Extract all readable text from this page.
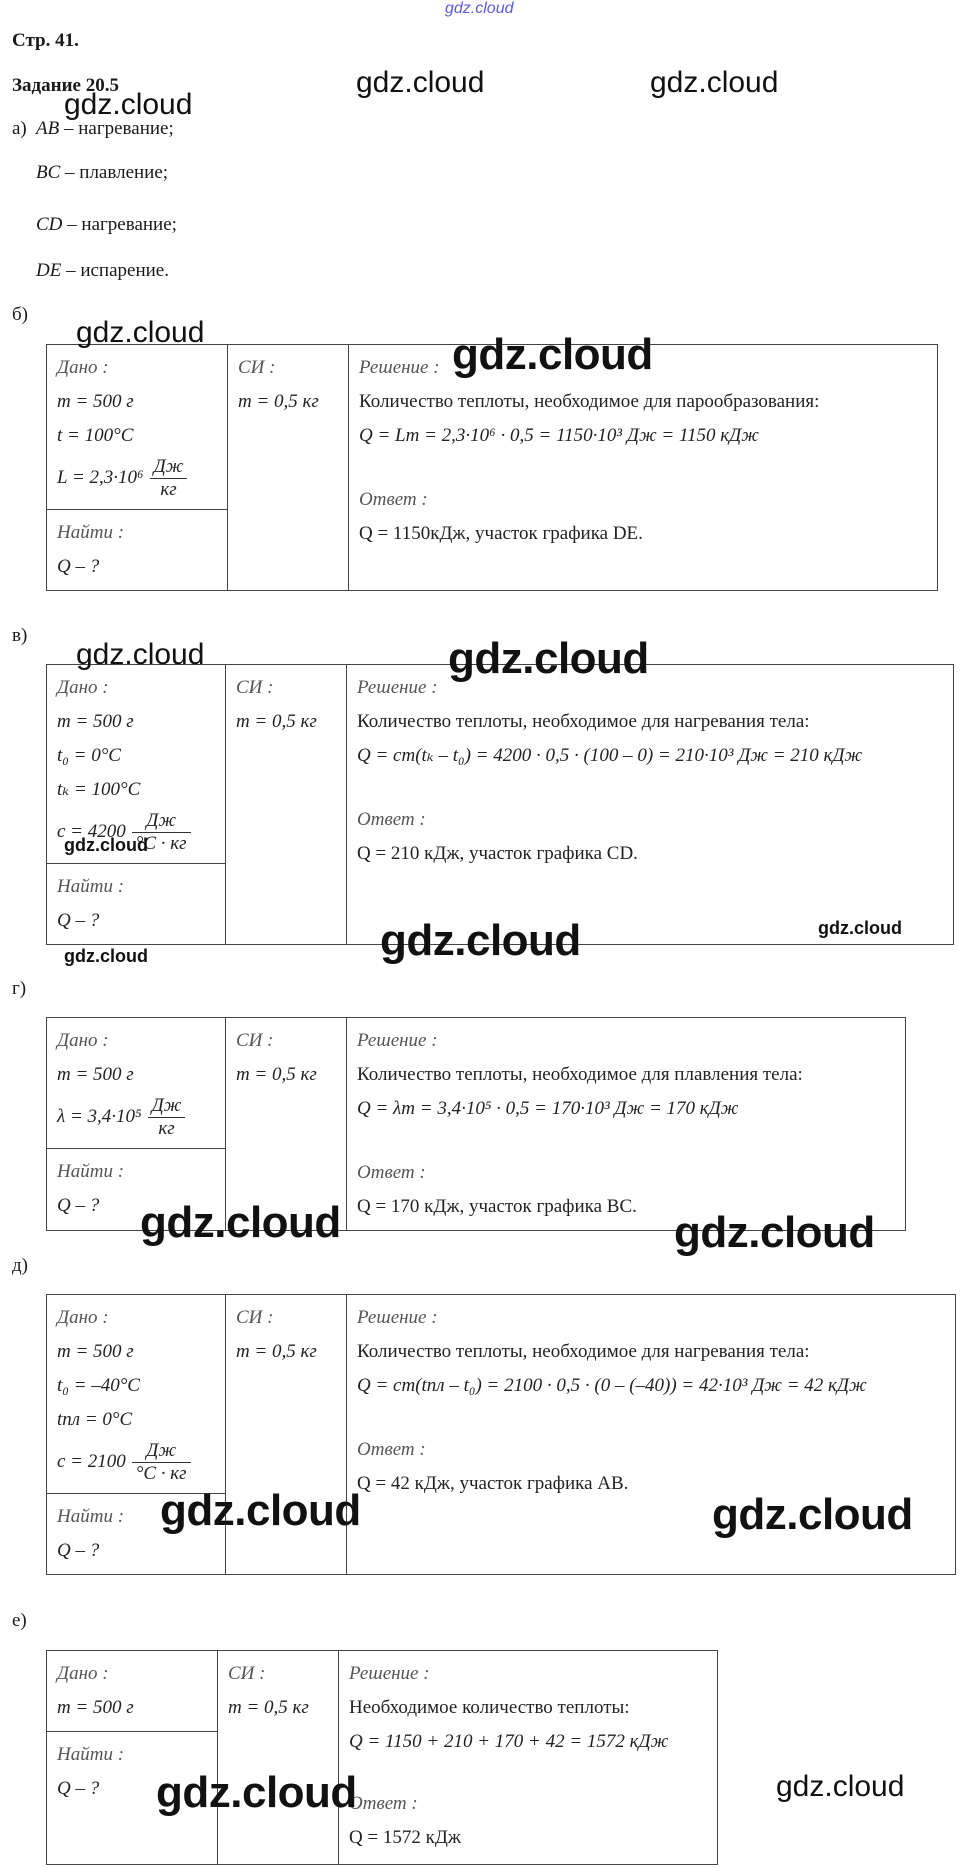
gdz.cloud
Стр. 41.
Задание 20.5
а) AB – нагревание;
BC – плавление;
CD – нагревание;
DE – испарение.
б)
Дано :
m = 500 г
t = 100°C
$L = 2,3\cdot 10^6 \frac{Дж}{кг}$

СИ :
m = 0,5 кг

Решение :
Количество теплоты, необходимое для парообразования:
Q = Lm = 2,3·10⁶ · 0,5 = 1150·10³ Дж = 1150 кДж
Ответ :
Q = 1150кДж, участок графика DE.

Найти :
Q – ?
в)
Дано :
m = 500 г
t₀ = 0°C
tₖ = 100°C
$c = 4200 \frac{Дж}{^\circ C \cdot кг}$

СИ :
m = 0,5 кг

Решение :
Количество теплоты, необходимое для нагревания тела:
Q = cm(tₖ – t₀) = 4200 · 0,5 · (100 – 0) = 210·10³ Дж = 210 кДж
Ответ :
Q = 210 кДж, участок графика CD.

Найти :
Q – ?
г)
Дано :
m = 500 г
$\lambda = 3,4\cdot 10^5 \frac{Дж}{кг}$

СИ :
m = 0,5 кг

Решение :
Количество теплоты, необходимое для плавления тела:
Q = λm = 3,4·10⁵ · 0,5 = 170·10³ Дж = 170 кДж
Ответ :
Q = 170 кДж, участок графика BC.

Найти :
Q – ?
д)
Дано :
m = 500 г
t₀ = –40°C
tпл = 0°C
$c = 2100 \frac{Дж}{^\circ C \cdot кг}$

СИ :
m = 0,5 кг

Решение :
Количество теплоты, необходимое для нагревания тела:
Q = cm(tпл – t₀) = 2100 · 0,5 · (0 – (–40)) = 42·10³ Дж = 42 кДж
Ответ :
Q = 42 кДж, участок графика AB.

Найти :
Q – ?
е)
Дано :
m = 500 г

СИ :
m = 0,5 кг

Решение :
Необходимое количество теплоты:
Q = 1150 + 210 + 170 + 42 = 1572 кДж
Ответ :
Q = 1572 кДж

Найти :
Q – ?
gdz.cloud	gdz.cloud
gdz.cloud
gdz.cloud	gdz.cloud
gdz.cloud	gdz.cloud
gdz.cloud
gdz.cloud	gdz.cloud
gdz.cloud
gdz.cloud	gdz.cloud
gdz.cloud	gdz.cloud
gdz.cloud	gdz.cloud
